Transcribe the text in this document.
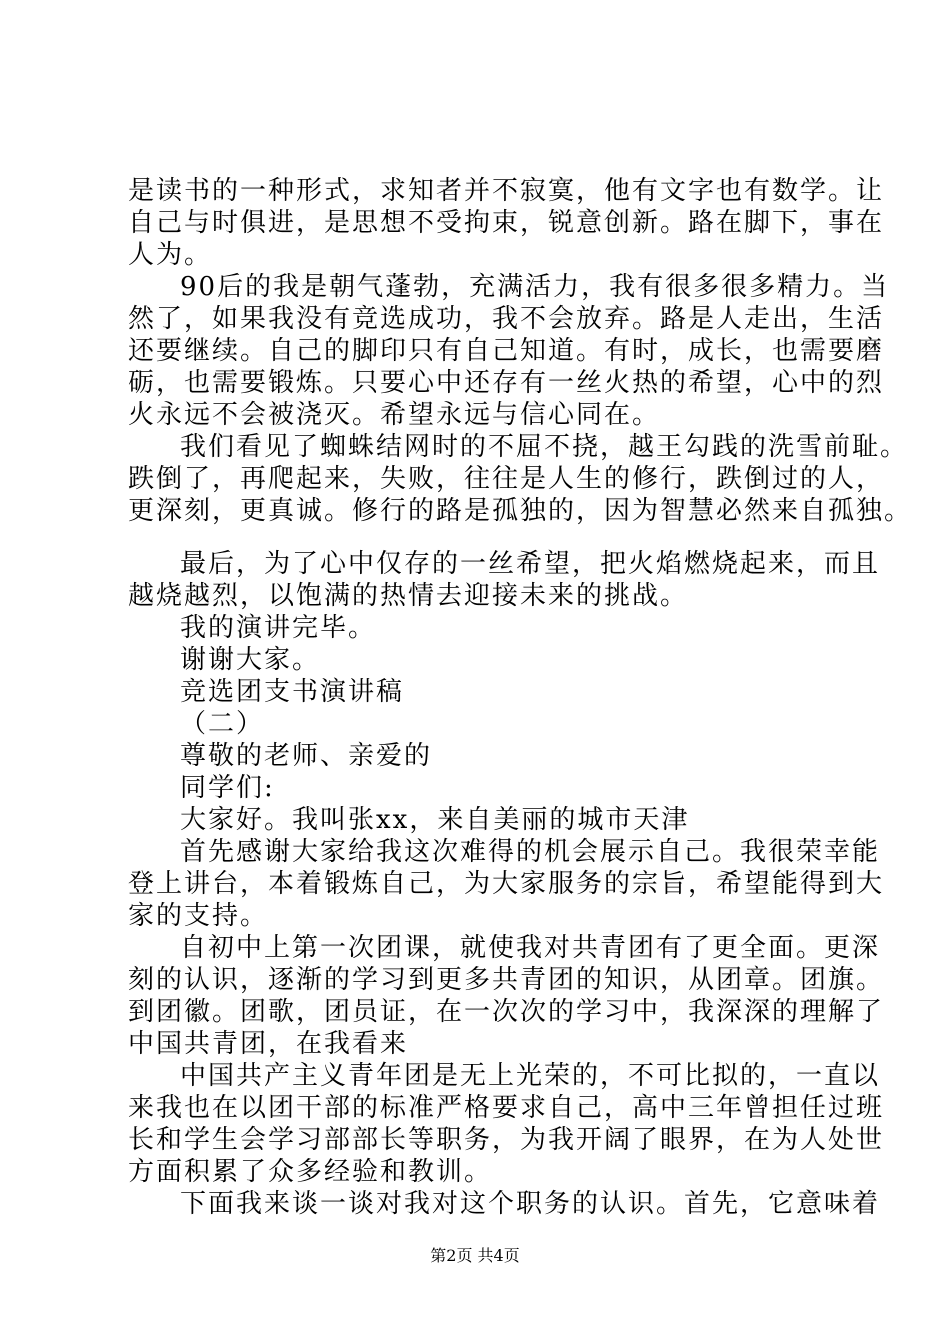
是读书的一种形式，求知者并不寂寞，他有文字也有数学。让
自己与时俱进，是思想不受拘束，锐意创新。路在脚下，事在
人为。
90后的我是朝气蓬勃，充满活力，我有很多很多精力。当
然了，如果我没有竞选成功，我不会放弃。路是人走出，生活
还要继续。自己的脚印只有自己知道。有时，成长，也需要磨
砺，也需要锻炼。只要心中还存有一丝火热的希望，心中的烈
火永远不会被浇灭。希望永远与信心同在。
我们看见了蜘蛛结网时的不屈不挠，越王勾践的洗雪前耻。
跌倒了，再爬起来，失败，往往是人生的修行，跌倒过的人，
更深刻，更真诚。修行的路是孤独的，因为智慧必然来自孤独。
最后，为了心中仅存的一丝希望，把火焰燃烧起来，而且
越烧越烈，以饱满的热情去迎接未来的挑战。
我的演讲完毕。
谢谢大家。
竞选团支书演讲稿
（二）
尊敬的老师、亲爱的
同学们:
大家好。我叫张xx，来自美丽的城市天津
首先感谢大家给我这次难得的机会展示自己。我很荣幸能
登上讲台，本着锻炼自己，为大家服务的宗旨，希望能得到大
家的支持。
自初中上第一次团课，就使我对共青团有了更全面。更深
刻的认识，逐渐的学习到更多共青团的知识，从团章。团旗。
到团徽。团歌，团员证，在一次次的学习中，我深深的理解了
中国共青团，在我看来
中国共产主义青年团是无上光荣的，不可比拟的，一直以
来我也在以团干部的标准严格要求自己，高中三年曾担任过班
长和学生会学习部部长等职务，为我开阔了眼界，在为人处世
方面积累了众多经验和教训。
下面我来谈一谈对我对这个职务的认识。首先，它意味着
第2页 共4页
